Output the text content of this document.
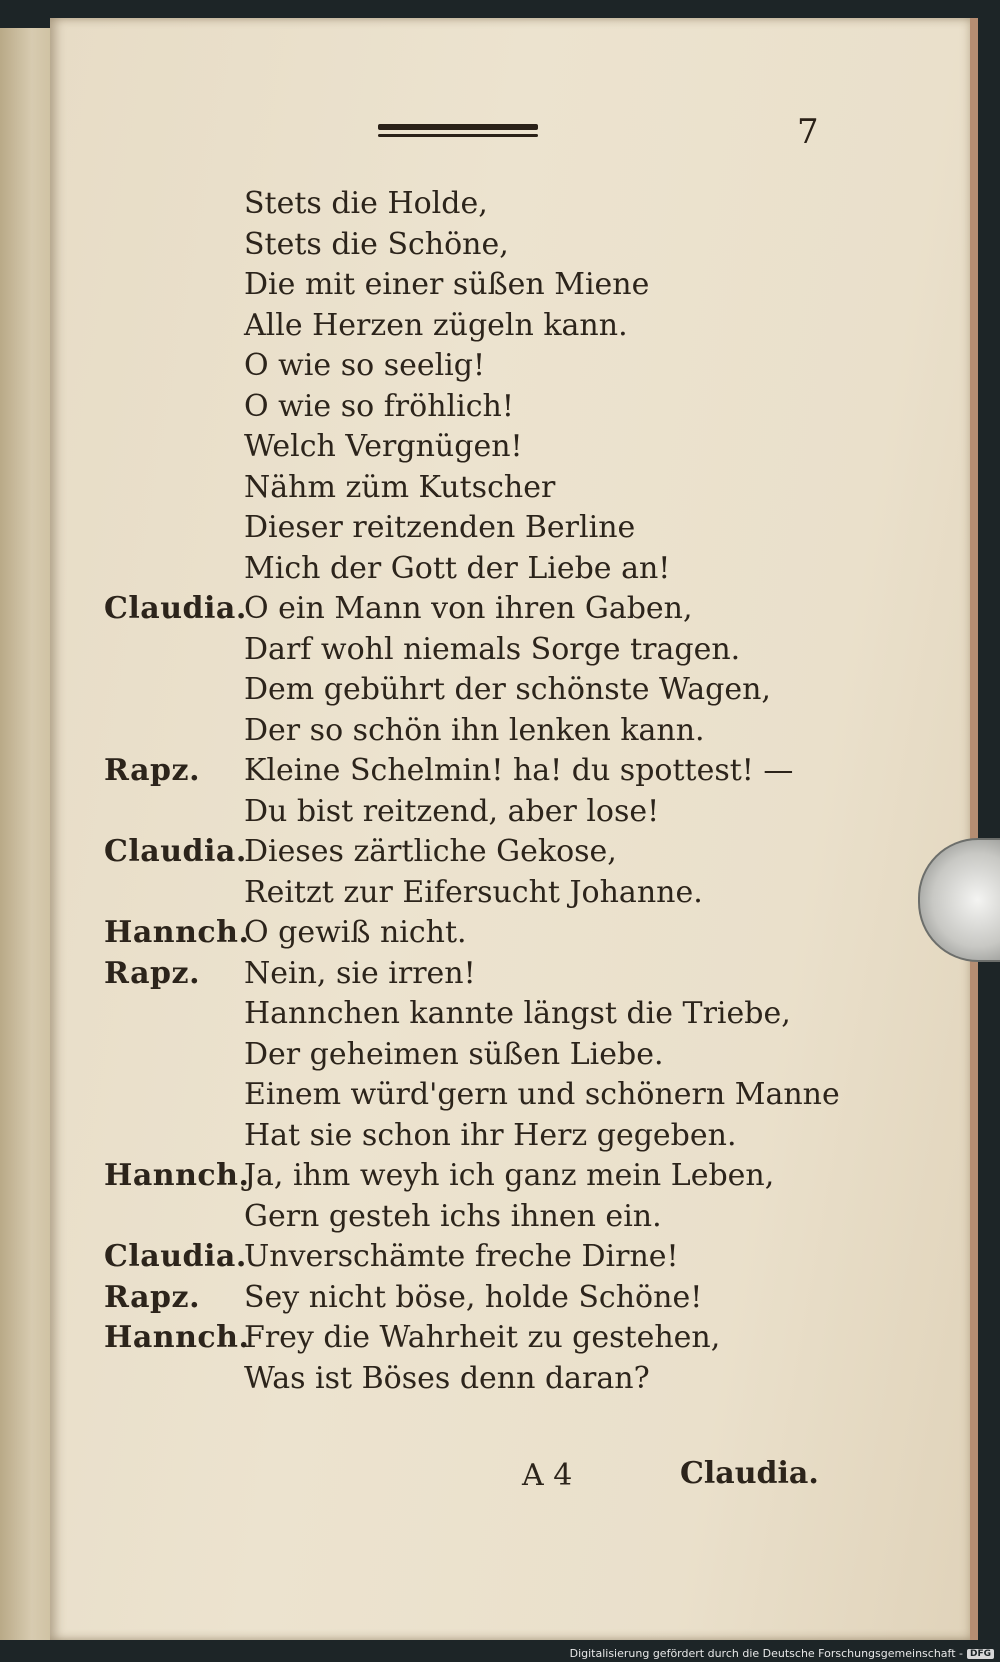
7
Stets die Holde,
Stets die Schöne,
Die mit einer süßen Miene
Alle Herzen zügeln kann.
O wie so seelig!
O wie so fröhlich!
Welch Vergnügen!
Nähm züm Kutscher
Dieser reitzenden Berline
Mich der Gott der Liebe an!
Claudia.
O ein Mann von ihren Gaben,
Darf wohl niemals Sorge tragen.
Dem gebührt der schönste Wagen,
Der so schön ihn lenken kann.
Rapz. Kleine Schelmin! ha! du spottest! —
Du bist reitzend, aber lose!
Claudia.
Dieses zärtliche Gekose,
Reitzt zur Eifersucht Johanne.
Hannch.
O gewiß nicht.
Rapz. Nein, sie irren!
Hannchen kannte längst die Triebe,
Der geheimen süßen Liebe.
Einem würd'gern und schönern Manne
Hat sie schon ihr Herz gegeben.
Hannch.
Ja, ihm weyh ich ganz mein Leben,
Gern gesteh ichs ihnen ein.
Claudia.
Unverschämte freche Dirne!
Rapz. Sey nicht böse, holde Schöne!
Hannch.
Frey die Wahrheit zu gestehen,
Was ist Böses denn daran?
A 4	Claudia.
Digitalisierung gefördert durch die Deutsche Forschungsgemeinschaft - DFG
